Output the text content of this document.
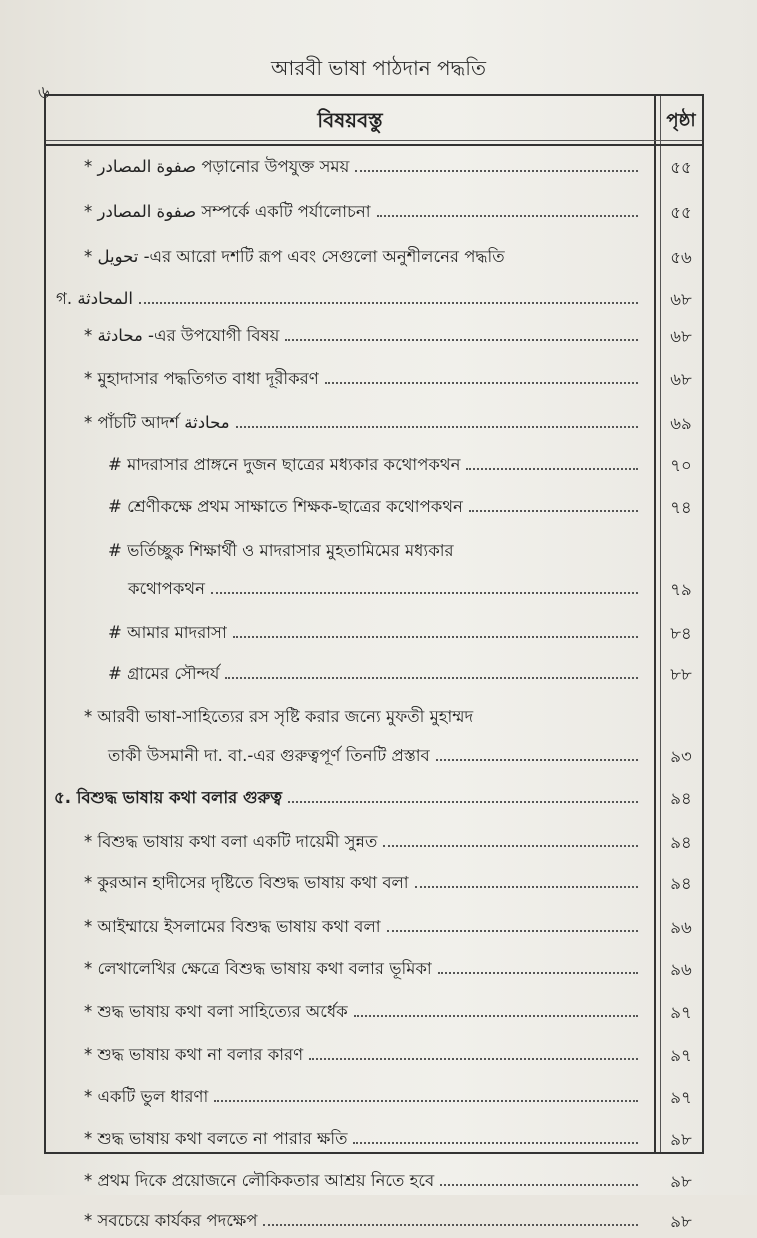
৬
আরবী ভাষা পাঠদান পদ্ধতি
বিষয়বস্তু	পৃষ্ঠা
* صفوة المصادر পড়ানোর উপযুক্ত সময়	৫৫
* صفوة المصادر সম্পর্কে একটি পর্যালোচনা	৫৫
* تحويل -এর আরো দশটি রূপ এবং সেগুলো অনুশীলনের পদ্ধতি	৫৬
গ. المحادثة	৬৮
* محادثة -এর উপযোগী বিষয়	৬৮
* মুহাদাসার পদ্ধতিগত বাধা দূরীকরণ	৬৮
* পাঁচটি আদর্শ محادثة	৬৯
# মাদরাসার প্রাঙ্গনে দুজন ছাত্রের মধ্যকার কথোপকথন	৭০
# শ্রেণীকক্ষে প্রথম সাক্ষাতে শিক্ষক-ছাত্রের কথোপকথন	৭৪
# ভর্তিচ্ছুক শিক্ষার্থী ও মাদরাসার মুহতামিমের মধ্যকার
কথোপকথন	৭৯
# আমার মাদরাসা	৮৪
# গ্রামের সৌন্দর্য	৮৮
* আরবী ভাষা-সাহিত্যের রস সৃষ্টি করার জন্যে মুফতী মুহাম্মদ
তাকী উসমানী দা. বা.-এর গুরুত্বপূর্ণ তিনটি প্রস্তাব	৯৩
৫. বিশুদ্ধ ভাষায় কথা বলার গুরুত্ব	৯৪
* বিশুদ্ধ ভাষায় কথা বলা একটি দায়েমী সুন্নত	৯৪
* কুরআন হাদীসের দৃষ্টিতে বিশুদ্ধ ভাষায় কথা বলা	৯৪
* আইম্মায়ে ইসলামের বিশুদ্ধ ভাষায় কথা বলা	৯৬
* লেখালেখির ক্ষেত্রে বিশুদ্ধ ভাষায় কথা বলার ভূমিকা	৯৬
* শুদ্ধ ভাষায় কথা বলা সাহিত্যের অর্ধেক	৯৭
* শুদ্ধ ভাষায় কথা না বলার কারণ	৯৭
* একটি ভুল ধারণা	৯৭
* শুদ্ধ ভাষায় কথা বলতে না পারার ক্ষতি	৯৮
* প্রথম দিকে প্রয়োজনে লৌকিকতার আশ্রয় নিতে হবে	৯৮
* সবচেয়ে কার্যকর পদক্ষেপ	৯৮
